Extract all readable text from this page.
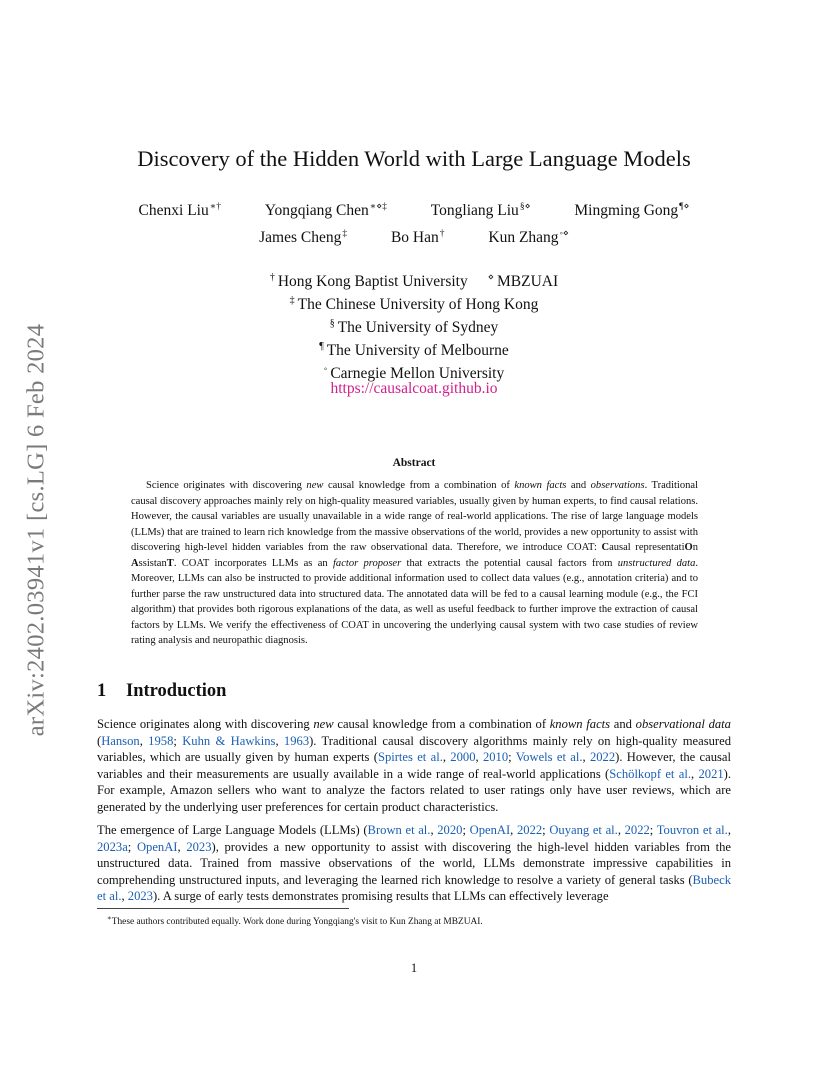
arXiv:2402.03941v1 [cs.LG] 6 Feb 2024
Discovery of the Hidden World with Large Language Models
Chenxi Liu∗†	Yongqiang Chen∗⋄‡	Tongliang Liu§⋄	Mingming Gong¶⋄
James Cheng‡	Bo Han†	Kun Zhang◦⋄
† Hong Kong Baptist University ⋄ MBZUAI
‡ The Chinese University of Hong Kong
§ The University of Sydney
¶ The University of Melbourne
◦ Carnegie Mellon University
https://causalcoat.github.io
Abstract

Science originates with discovering new causal knowledge from a combination of known facts and observations. Traditional causal discovery approaches mainly rely on high-quality measured variables, usually given by human experts, to find causal relations. However, the causal variables are usually unavailable in a wide range of real-world applications. The rise of large language models (LLMs) that are trained to learn rich knowledge from the massive observations of the world, provides a new opportunity to assist with discovering high-level hidden variables from the raw observational data. Therefore, we introduce COAT: Causal representatiOn AssistanT. COAT incorporates LLMs as an factor proposer that extracts the potential causal factors from unstructured data. Moreover, LLMs can also be instructed to provide additional information used to collect data values (e.g., annotation criteria) and to further parse the raw unstructured data into structured data. The annotated data will be fed to a causal learning module (e.g., the FCI algorithm) that provides both rigorous explanations of the data, as well as useful feedback to further improve the extraction of causal factors by LLMs. We verify the effectiveness of COAT in uncovering the underlying causal system with two case studies of review rating analysis and neuropathic diagnosis.

1 Introduction

Science originates along with discovering new causal knowledge from a combination of known facts and observational data (Hanson, 1958; Kuhn & Hawkins, 1963). Traditional causal discovery algorithms mainly rely on high-quality measured variables, which are usually given by human experts (Spirtes et al., 2000, 2010; Vowels et al., 2022). However, the causal variables and their measurements are usually available in a wide range of real-world applications (Schölkopf et al., 2021). For example, Amazon sellers who want to analyze the factors related to user ratings only have user reviews, which are generated by the underlying user preferences for certain product characteristics.

The emergence of Large Language Models (LLMs) (Brown et al., 2020; OpenAI, 2022; Ouyang et al., 2022; Touvron et al., 2023a; OpenAI, 2023), provides a new opportunity to assist with discovering the high-level hidden variables from the unstructured data. Trained from massive observations of the world, LLMs demonstrate impressive capabilities in comprehending unstructured inputs, and leveraging the learned rich knowledge to resolve a variety of general tasks (Bubeck et al., 2023). A surge of early tests demonstrates promising results that LLMs can effectively leverage

∗These authors contributed equally. Work done during Yongqiang's visit to Kun Zhang at MBZUAI.

1
